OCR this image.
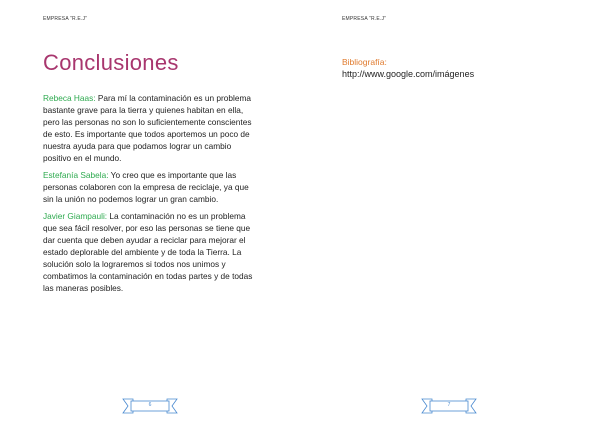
EMPRESA “R.E.J”
Conclusiones

Rebeca Haas: Para mí la contaminación es un problema bastante grave para la tierra y quienes habitan en ella, pero las personas no son lo suficientemente conscientes de esto. Es importante que todos aportemos un poco de nuestra ayuda para que podamos lograr un cambio positivo en el mundo.

Estefanía Sabela: Yo creo que es importante que las personas colaboren con la empresa de reciclaje, ya que sin la unión no podemos lograr un gran cambio.

Javier Giampauli: La contaminación no es un problema que sea fácil resolver, por eso las personas se tiene que dar cuenta que deben ayudar a reciclar para mejorar el estado deplorable del ambiente y de toda la Tierra. La solución solo la lograremos si todos nos unimos y combatimos la contaminación en todas partes y de todas las maneras posibles.

6
EMPRESA “R.E.J”
7
Bibliografía:
http://www.google.com/imágenes
